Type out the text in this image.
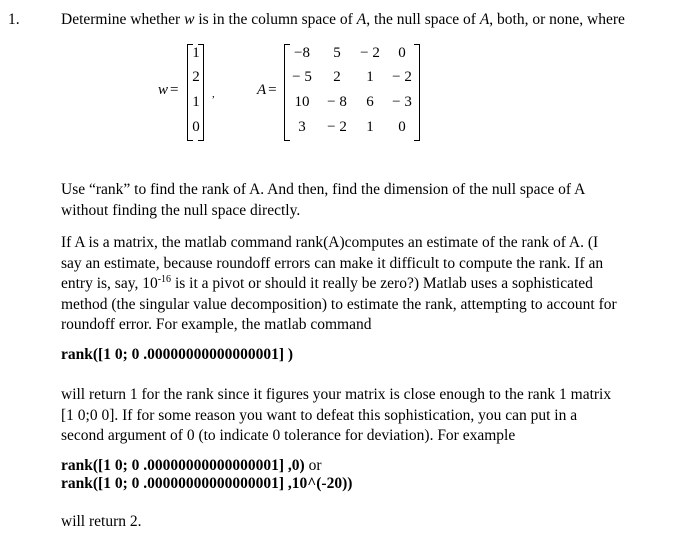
1.	Determine whether w is in the column space of A, the null space of A, both, or none, where
w =
1
2
1
0
,	A =
−8	5	− 2	0
− 5	2	1	− 2
10	− 8	6	− 3
3	− 2	1	0
Use “rank” to find the rank of A. And then, find the dimension of the null space of A
without finding the null space directly.
If A is a matrix, the matlab command rank(A)computes an estimate of the rank of A. (I
say an estimate, because roundoff errors can make it difficult to compute the rank. If an
entry is, say, $10^{-16}$ is it a pivot or should it really be zero?) Matlab uses a sophisticated
method (the singular value decomposition) to estimate the rank, attempting to account for
roundoff error. For example, the matlab command
rank([1 0; 0 .00000000000000001] )
will return 1 for the rank since it figures your matrix is close enough to the rank 1 matrix
[1 0;0 0]. If for some reason you want to defeat this sophistication, you can put in a
second argument of 0 (to indicate 0 tolerance for deviation). For example
rank([1 0; 0 .00000000000000001] ,0) or
rank([1 0; 0 .00000000000000001] ,10^(-20))
will return 2.
